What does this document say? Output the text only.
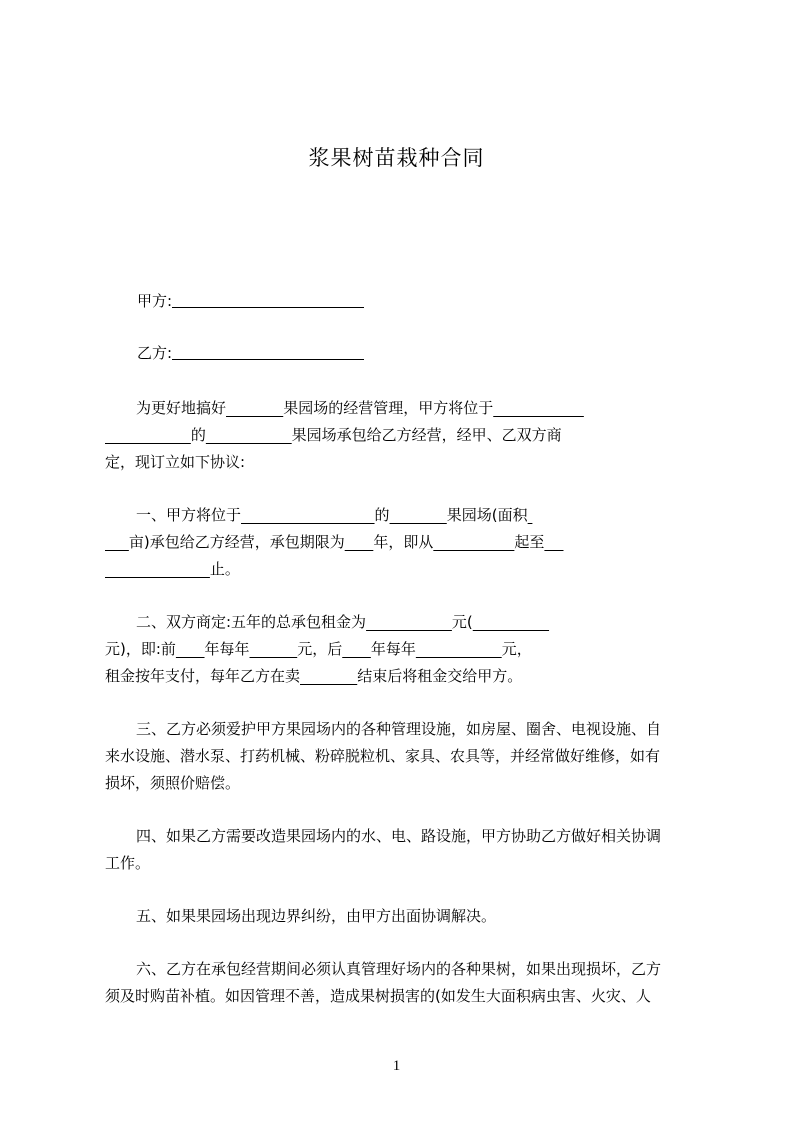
浆果树苗栽种合同
甲方:
乙方:
为更好地搞好	果园场的经营管理，甲方将位于
的	果园场承包给乙方经营，经甲、乙双方商
定，现订立如下协议:
一、甲方将位于	的	果园场(面积
亩)承包给乙方经营，承包期限为 年，即从	起至
止。
二、双方商定:五年的总承包租金为	元(
元)，即:前 年每年	元，后 年每年	元，
租金按年支付，每年乙方在卖	结束后将租金交给甲方。
三、乙方必须爱护甲方果园场内的各种管理设施，如房屋、圈舍、电视设施、自
来水设施、潜水泵、打药机械、粉碎脱粒机、家具、农具等，并经常做好维修，如有
损坏，须照价赔偿。
四、如果乙方需要改造果园场内的水、电、路设施，甲方协助乙方做好相关协调
工作。
五、如果果园场出现边界纠纷，由甲方出面协调解决。
六、乙方在承包经营期间必须认真管理好场内的各种果树，如果出现损坏，乙方
须及时购苗补植。如因管理不善，造成果树损害的(如发生大面积病虫害、火灾、人
1
